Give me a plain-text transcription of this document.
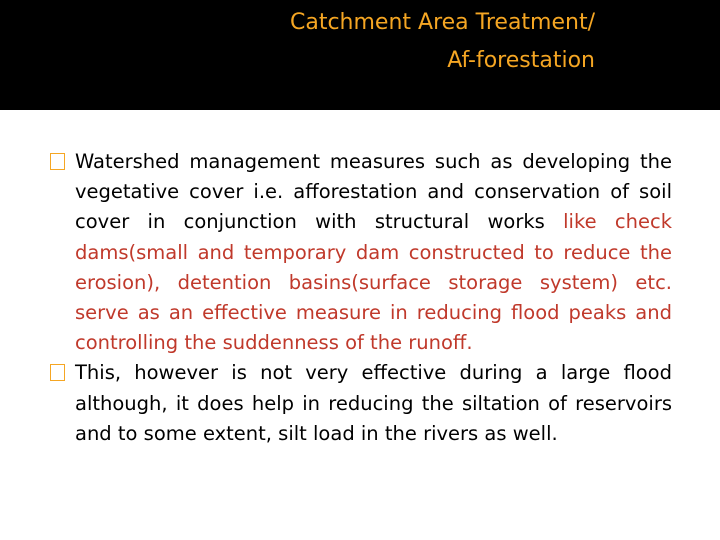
Catchment Area Treatment/
Af-forestation
Watershed management measures such as developing the vegetative cover i.e. afforestation and conservation of soil cover in conjunction with structural works like check dams(small and temporary dam constructed to reduce the erosion), detention basins(surface storage system) etc. serve as an effective measure in reducing flood peaks and controlling the suddenness of the runoff.
This, however is not very effective during a large flood although, it does help in reducing the siltation of reservoirs and to some extent, silt load in the rivers as well.
